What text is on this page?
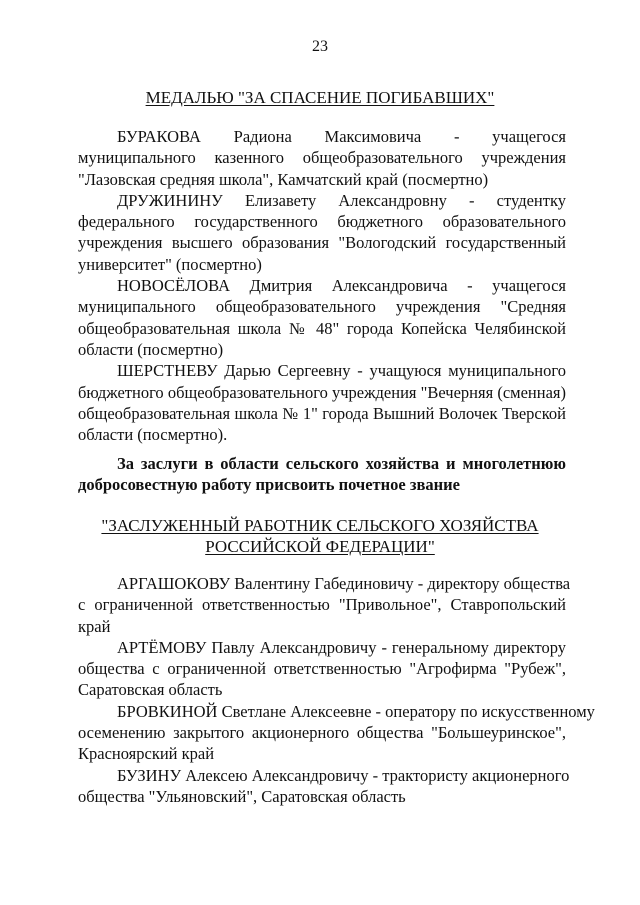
23
МЕДАЛЬЮ "ЗА СПАСЕНИЕ ПОГИБАВШИХ"
БУРАКОВА Радиона Максимовича - учащегося
муниципального казенного общеобразовательного учреждения
"Лазовская средняя школа", Камчатский край (посмертно)
ДРУЖИНИНУ Елизавету Александровну - студентку
федерального государственного бюджетного образовательного
учреждения высшего образования "Вологодский государственный
университет" (посмертно)
НОВОСЁЛОВА Дмитрия Александровича - учащегося
муниципального общеобразовательного учреждения "Средняя
общеобразовательная школа № 48" города Копейска Челябинской
области (посмертно)
ШЕРСТНЕВУ Дарью Сергеевну - учащуюся муниципального
бюджетного общеобразовательного учреждения "Вечерняя (сменная)
общеобразовательная школа № 1" города Вышний Волочек Тверской
области (посмертно).
За заслуги в области сельского хозяйства и многолетнюю
добросовестную работу присвоить почетное звание
"ЗАСЛУЖЕННЫЙ РАБОТНИК СЕЛЬСКОГО ХОЗЯЙСТВА
РОССИЙСКОЙ ФЕДЕРАЦИИ"
АРГАШОКОВУ Валентину Габединовичу - директору общества
с ограниченной ответственностью "Привольное", Ставропольский
край
АРТЁМОВУ Павлу Александровичу - генеральному директору
общества с ограниченной ответственностью "Агрофирма "Рубеж",
Саратовская область
БРОВКИНОЙ Светлане Алексеевне - оператору по искусственному
осеменению закрытого акционерного общества "Большеуринское",
Красноярский край
БУЗИНУ Алексею Александровичу - трактористу акционерного
общества "Ульяновский", Саратовская область
